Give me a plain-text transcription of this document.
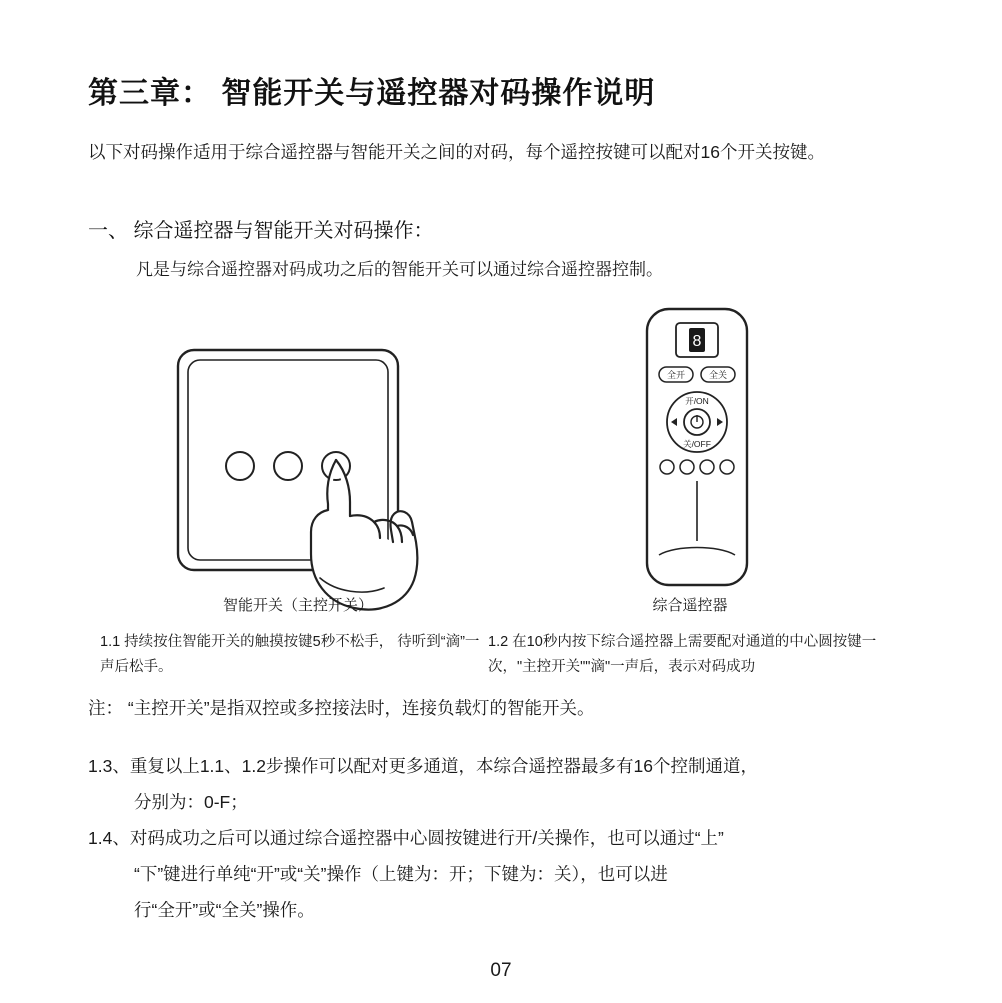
第三章： 智能开关与遥控器对码操作说明

以下对码操作适用于综合遥控器与智能开关之间的对码，每个遥控按键可以配对16个开关按键。

一、 综合遥控器与智能开关对码操作：
凡是与综合遥控器对码成功之后的智能开关可以通过综合遥控器控制。
8
全开	全关
开/ON
关/OFF
智能开关（主控开关）	综合遥控器
1.1 持续按住智能开关的触摸按键5秒不松手， 待听到“滴”一声后松手。
1.2 在10秒内按下综合遥控器上需要配对通道的中心圆按键一次，"主控开关""滴"一声后，表示对码成功
注： “主控开关”是指双控或多控接法时，连接负载灯的智能开关。
1.3、重复以上1.1、1.2步操作可以配对更多通道，本综合遥控器最多有16个控制通道，
分别为：0-F；
1.4、对码成功之后可以通过综合遥控器中心圆按键进行开/关操作，也可以通过“上”
“下”键进行单纯“开”或“关”操作（上键为：开；下键为：关），也可以进
行“全开”或“全关”操作。
07
